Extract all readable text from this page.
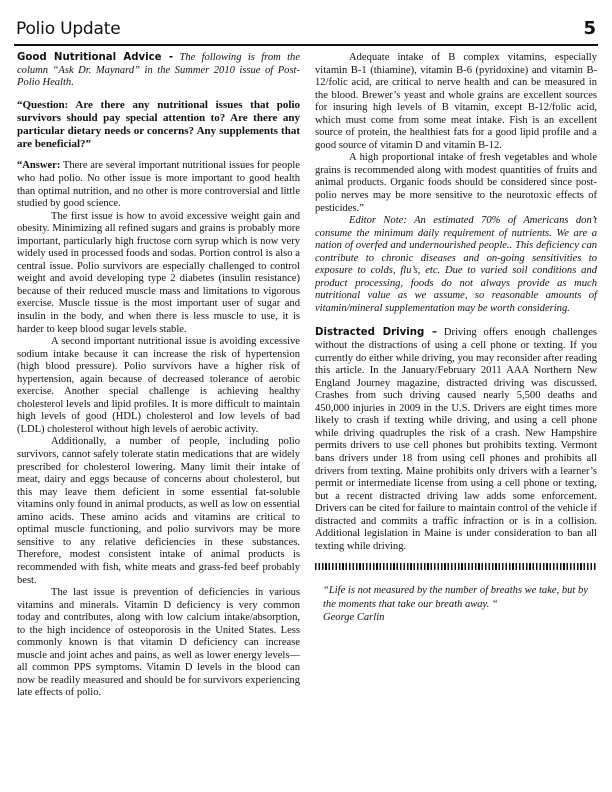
Polio Update	5

Good Nutritional Advice - The following is from the column “Ask Dr. Maynard” in the Summer 2010 issue of Post-Polio Health.

“Question: Are there any nutritional issues that polio survivors should pay special attention to? Are there any particular dietary needs or concerns? Any supplements that are beneficial?”

“Answer: There are several important nutritional issues for people who had polio. No other issue is more important to good health than optimal nutrition, and no other is more controversial and little studied by good science.

The first issue is how to avoid excessive weight gain and obesity. Minimizing all refined sugars and grains is probably more important, particularly high fructose corn syrup which is now very widely used in processed foods and sodas. Portion control is also a central issue. Polio survivors are especially challenged to control weight and avoid developing type 2 diabetes (insulin resistance) because of their reduced muscle mass and limitations to vigorous exercise. Muscle tissue is the most important user of sugar and insulin in the body, and when there is less muscle to use, it is harder to keep blood sugar levels stable.

A second important nutritional issue is avoiding excessive sodium intake because it can increase the risk of hypertension (high blood pressure). Polio survivors have a higher risk of hypertension, again because of decreased tolerance of aerobic exercise. Another special challenge is achieving healthy cholesterol levels and lipid profiles. It is more difficult to maintain high levels of good (HDL) cholesterol and low levels of bad (LDL) cholesterol without high levels of aerobic activity.

Additionally, a number of people, including polio survivors, cannot safely tolerate statin medications that are widely prescribed for cholesterol lowering. Many limit their intake of meat, dairy and eggs because of concerns about cholesterol, but this may leave them deficient in some essential fat-soluble vitamins only found in animal products, as well as low on essential amino acids. These amino acids and vitamins are critical to optimal muscle functioning, and polio survivors may be more sensitive to any relative deficiencies in these substances. Therefore, modest consistent intake of animal products is recommended with fish, white meats and grass-fed beef probably best.

The last issue is prevention of deficiencies in various vitamins and minerals. Vitamin D deficiency is very common today and contributes, along with low calcium intake/absorption, to the high incidence of osteoporosis in the United States. Less commonly known is that vitamin D deficiency can increase muscle and joint aches and pains, as well as lower energy levels—all common PPS symptoms. Vitamin D levels in the blood can now be readily measured and should be for survivors experiencing late effects of polio.

Adequate intake of B complex vitamins, especially vitamin B-1 (thiamine), vitamin B-6 (pyridoxine) and vitamin B-12/folic acid, are critical to nerve health and can be measured in the blood. Brewer’s yeast and whole grains are excellent sources for insuring high levels of B vitamin, except B-12/folic acid, which must come from some meat intake. Fish is an excellent source of protein, the healthiest fats for a good lipid profile and a good source of vitamin D and vitamin B-12.

A high proportional intake of fresh vegetables and whole grains is recommended along with modest quantities of fruits and animal products. Organic foods should be considered since post-polio nerves may be more sensitive to the neurotoxic effects of pesticides.”

Editor Note: An estimated 70% of Americans don’t consume the minimum daily requirement of nutrients. We are a nation of overfed and undernourished people.. This deficiency can contribute to chronic diseases and on-going sensitivities to exposure to colds, flu’s, etc. Due to varied soil conditions and product processing, foods do not always provide as much nutritional value as we assume, so reasonable amounts of vitamin/mineral supplementation may be worth considering.

Distracted Driving – Driving offers enough challenges without the distractions of using a cell phone or texting. If you currently do either while driving, you may reconsider after reading this article. In the January/February 2011 AAA Northern New England Journey magazine, distracted driving was discussed. Crashes from such driving caused nearly 5,500 deaths and 450,000 injuries in 2009 in the U.S. Drivers are eight times more likely to crash if texting while driving, and using a cell phone while driving quadruples the risk of a crash. New Hampshire permits drivers to use cell phones but prohibits texting. Vermont bans drivers under 18 from using cell phones and prohibits all drivers from texting. Maine prohibits only drivers with a learner’s permit or intermediate license from using a cell phone or texting, but a recent distracted driving law adds some enforcement. Drivers can be cited for failure to maintain control of the vehicle if distracted and commits a traffic infraction or is in a collision. Additional legislation in Maine is under consideration to ban all texting while driving.

“Life is not measured by the number of breaths we take, but by the moments that take our breath away. “
George Carlin
